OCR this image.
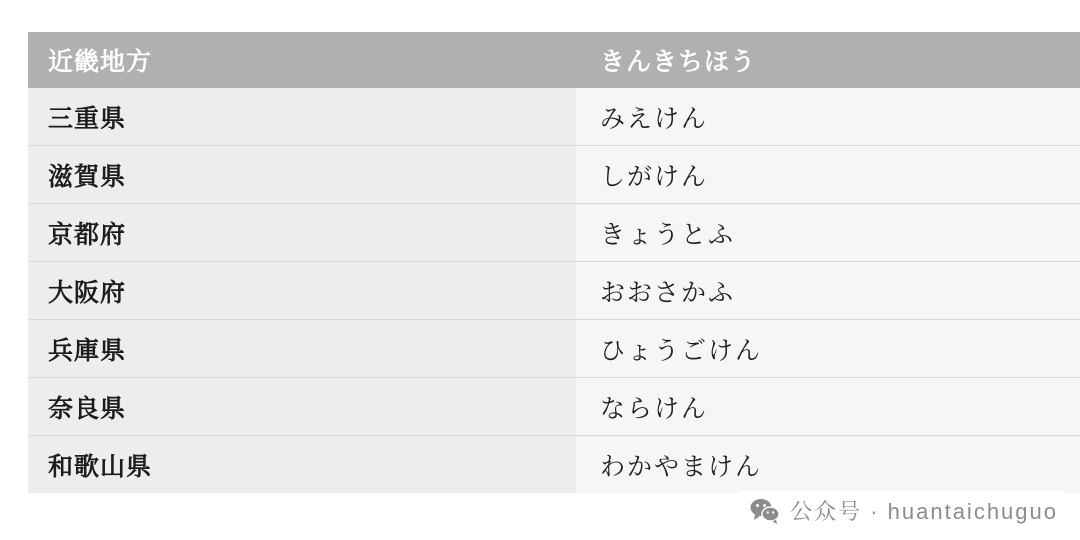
近畿地方	きんきちほう
三重県	みえけん
滋賀県	しがけん
京都府	きょうとふ
大阪府	おおさかふ
兵庫県	ひょうごけん
奈良県	ならけん
和歌山県	わかやまけん
公众号 · huantaichuguo
